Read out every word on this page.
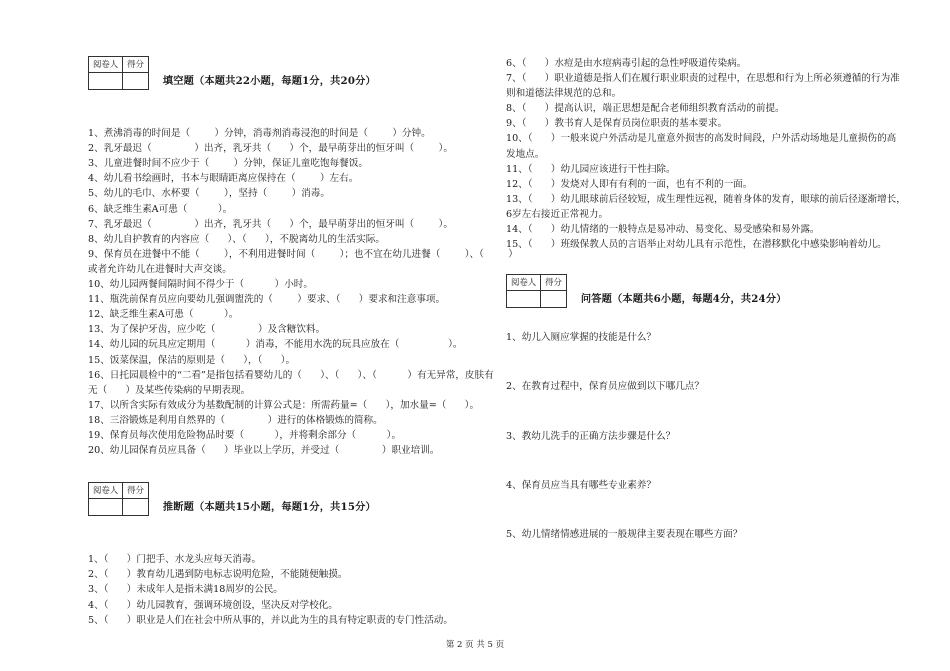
阅卷人	得分

填空题（本题共22小题，每题1分，共20分）
1、煮沸消毒的时间是（        ）分钟，消毒剂消毒浸泡的时间是（        ）分钟。
2、乳牙最迟（              ）出齐，乳牙共（      ）个，最早萌芽出的恒牙叫（        ）。
3、儿童进餐时间不应少于（        ）分钟，保证儿童吃饱每餐饭。
4、幼儿看书绘画时，书本与眼睛距离应保持在（        ）左右。
5、幼儿的毛巾、水杯要（        ），坚持（        ）消毒。
6、缺乏维生素A可患（          ）。
7、乳牙最迟（              ）出齐，乳牙共（      ）个，最早萌芽出的恒牙叫（        ）。
8、幼儿自护教育的内容应（      ）、（      ），不脱离幼儿的生活实际。
9、保育员在进餐中不能（        ），不利用进餐时间（        ）；也不宜在幼儿进餐（        ）、（        ）
或者允许幼儿在进餐时大声交谈。
10、幼儿园两餐间隔时间不得少于（          ）小时。
11、瓶洗前保育员应向要幼儿强调盥洗的（        ）要求、（      ）要求和注意事项。
12、缺乏维生素A可患（          ）。
13、为了保护牙齿，应少吃（              ）及含糖饮料。
14、幼儿园的玩具应定期用（          ）消毒，不能用水洗的玩具应放在（                ）。
15、饭菜保温，保洁的原则是（      ），（      ）。
16、日托园晨检中的“二看”是指包括看婴幼儿的（      ）、（      ）、（          ）有无异常，皮肤有
无（      ）及某些传染病的早期表现。
17、以所含实际有效成分为基数配制的计算公式是：所需药量=（      ），加水量=（      ）。
18、三浴锻炼是利用自然界的（              ）进行的体格锻炼的简称。
19、保育员每次使用危险物品时要（          ），并将剩余部分（          ）。
20、幼儿园保育员应具备（      ）毕业以上学历，并受过（              ）职业培训。
阅卷人	得分

推断题（本题共15小题，每题1分，共15分）
1、（      ）门把手、水龙头应每天消毒。
2、（      ）教育幼儿遇到防电标志说明危险，不能随便触摸。
3、（      ）未成年人是指未满18周岁的公民。
4、（      ）幼儿园教育，强调环境创设，坚决反对学校化。
5、（      ）职业是人们在社会中所从事的，并以此为生的具有特定职责的专门性活动。
6、（      ）水痘是由水痘病毒引起的急性呼吸道传染病。
7、（      ）职业道德是指人们在履行职业职责的过程中，在思想和行为上所必须遵循的行为准
则和道德法律规范的总和。
8、（      ）提高认识，端正思想是配合老师组织教育活动的前提。
9、（      ）教书育人是保育员岗位职责的基本要求。
10、（      ）一般来说户外活动是儿童意外损害的高发时间段，户外活动场地是儿童损伤的高
发地点。
11、（      ）幼儿园应该进行干性扫除。
12、（      ）发烧对人即有有利的一面，也有不利的一面。
13、（      ）幼儿眼球前后径较短，成生理性远视，随着身体的发育，眼球的前后径逐渐增长，
6岁左右接近正常视力。
14、（      ）幼儿情绪的一般特点是易冲动、易变化、易受感染和易外露。
15、（      ）班级保教人员的言语举止对幼儿具有示范性，在潜移默化中感染影响着幼儿。
阅卷人	得分

问答题（本题共6小题，每题4分，共24分）
1、幼儿入厕应掌握的技能是什么？
2、在教育过程中，保育员应做到以下哪几点？
3、教幼儿洗手的正确方法步骤是什么？
4、保育员应当具有哪些专业素养？
5、幼儿情绪情感进展的一般规律主要表现在哪些方面？
第 2 页 共 5 页
